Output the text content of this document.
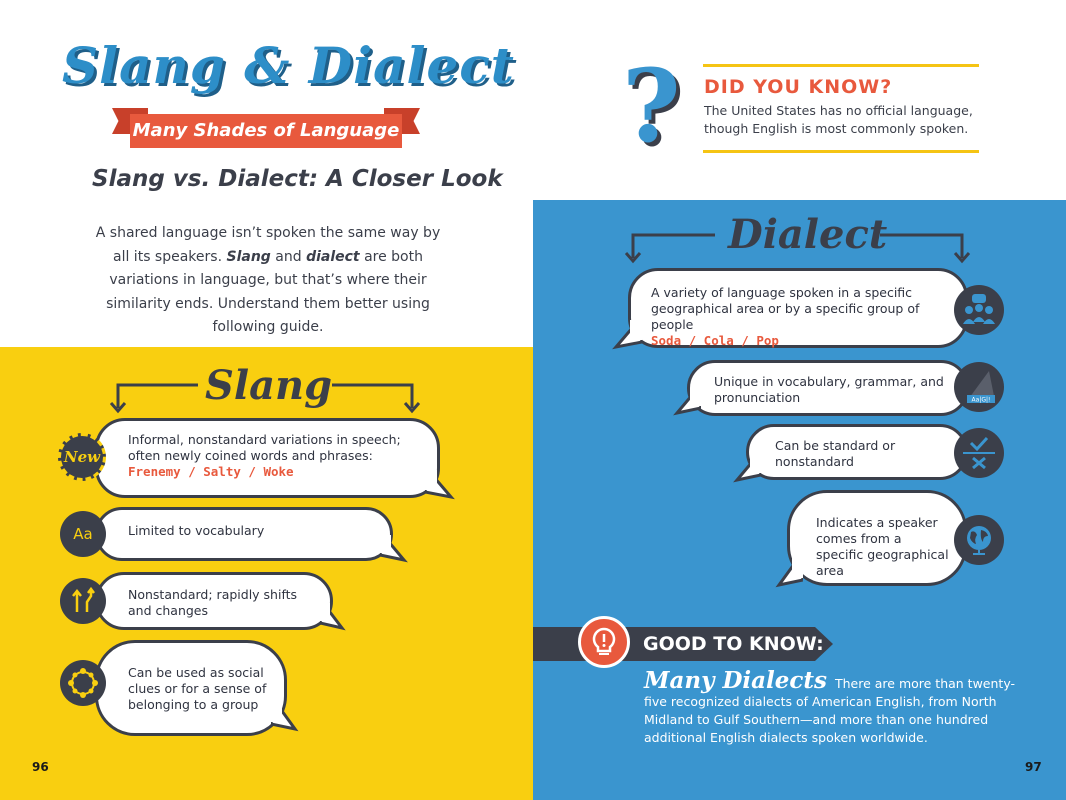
Slang & Dialect
Many Shades of Language
Slang vs. Dialect: A Closer Look
A shared language isn’t spoken the same way by all its speakers. Slang and dialect are both variations in language, but that’s where their similarity ends. Understand them better using following guide.
? DID YOU KNOW?
The United States has no official language, though English is most commonly spoken.
Slang
Informal, nonstandard variations in speech; often newly coined words and phrases:
Frenemy / Salty / Woke
New
Limited to vocabulary
Aa
Nonstandard; rapidly shifts and changes
Can be used as social clues or for a sense of belonging to a group
Dialect
A variety of language spoken in a specific geographical area or by a specific group of people
Soda / Cola / Pop
Unique in vocabulary, grammar, and pronunciation	Aa|G|!
Can be standard or nonstandard
Indicates a speaker comes from a specific geographical area
GOOD TO KNOW:
Many Dialects There are more than twenty-five recognized dialects of American English, from North Midland to Gulf Southern—and more than one hundred additional English dialects spoken worldwide.
96	97
